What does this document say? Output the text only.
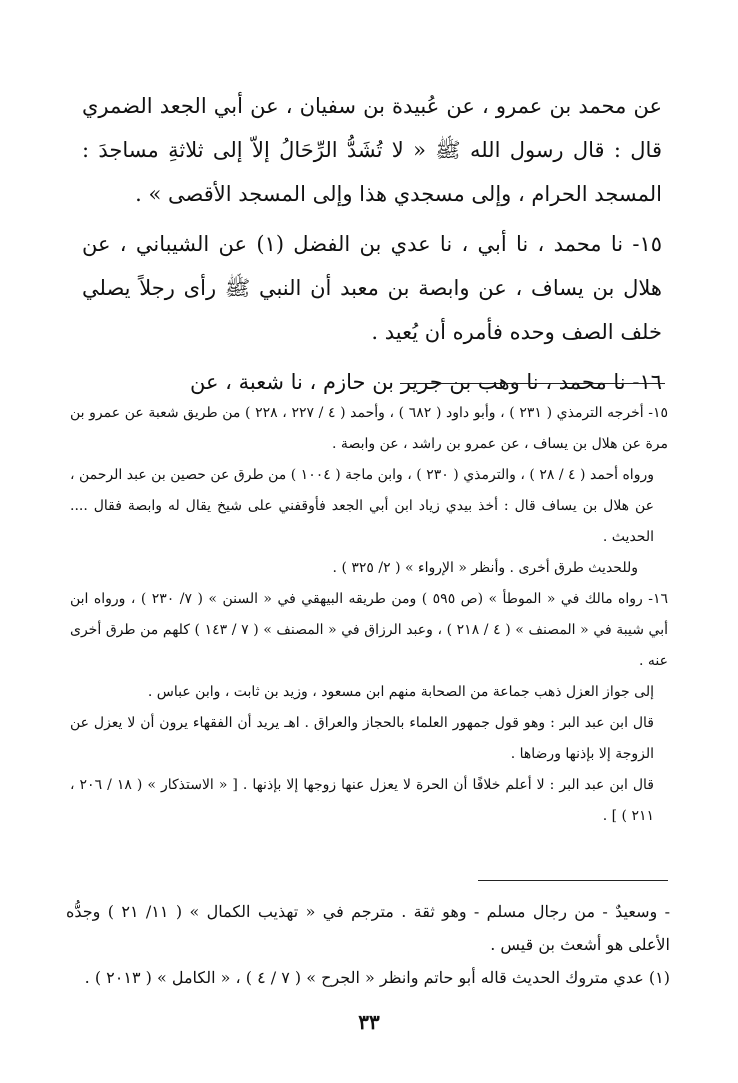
عن محمد بن عمرو ، عن عُبيدة بن سفيان ، عن أبي الجعد الضمري قال : قال رسول الله ﷺ « لا تُشَدُّ الرِّحَالُ إلاّ إلى ثلاثةِ مساجدَ : المسجد الحرام ، وإلى مسجدي هذا وإلى المسجد الأقصى » .

١٥- نا محمد ، نا أبي ، نا عدي بن الفضل (١) عن الشيباني ، عن هلال بن يساف ، عن وابصة بن معبد أن النبي ﷺ رأى رجلاً يصلي خلف الصف وحده فأمره أن يُعيد .

١٦- نا محمد ، نا وهب بن جرير بن حازم ، نا شعبة ، عن

١٥- أخرجه الترمذي ( ٢٣١ ) ، وأبو داود ( ٦٨٢ ) ، وأحمد ( ٤ / ٢٢٧ ، ٢٢٨ ) من طريق شعبة عن عمرو بن مرة عن هلال بن يساف ، عن عمرو بن راشد ، عن وابصة .

ورواه أحمد ( ٤ / ٢٨ ) ، والترمذي ( ٢٣٠ ) ، وابن ماجة ( ١٠٠٤ ) من طرق عن حصين بن عبد الرحمن ، عن هلال بن يساف قال : أخذ بيدي زياد ابن أبي الجعد فأوقفني على شيخ يقال له وابصة فقال .... الحديث .

وللحديث طرق أخرى . وأنظر « الإرواء » ( ٢/ ٣٢٥ ) .

١٦- رواه مالك في « الموطأ » (ص ٥٩٥ ) ومن طريقه البيهقي في « السنن » ( ٧/ ٢٣٠ ) ، ورواه ابن أبي شيبة في « المصنف » ( ٤ / ٢١٨ ) ، وعبد الرزاق في « المصنف » ( ٧ / ١٤٣ ) كلهم من طرق أخرى عنه .

إلى جواز العزل ذهب جماعة من الصحابة منهم ابن مسعود ، وزيد بن ثابت ، وابن عباس .

قال ابن عبد البر : وهو قول جمهور العلماء بالحجاز والعراق . اهـ يريد أن الفقهاء يرون أن لا يعزل عن الزوجة إلا بإذنها ورضاها .

قال ابن عبد البر : لا أعلم خلافًا أن الحرة لا يعزل عنها زوجها إلا بإذنها . [ « الاستذكار » ( ١٨ / ٢٠٦ ، ٢١١ ) ] .

- وسعيدٌ - من رجال مسلم - وهو ثقة . مترجم في « تهذيب الكمال » ( ١١/ ٢١ ) وجدُّه الأعلى هو أشعث بن قيس .

(١) عدي متروك الحديث قاله أبو حاتم وانظر « الجرح » ( ٧ / ٤ ) ، « الكامل » ( ٢٠١٣ ) .

٣٣
